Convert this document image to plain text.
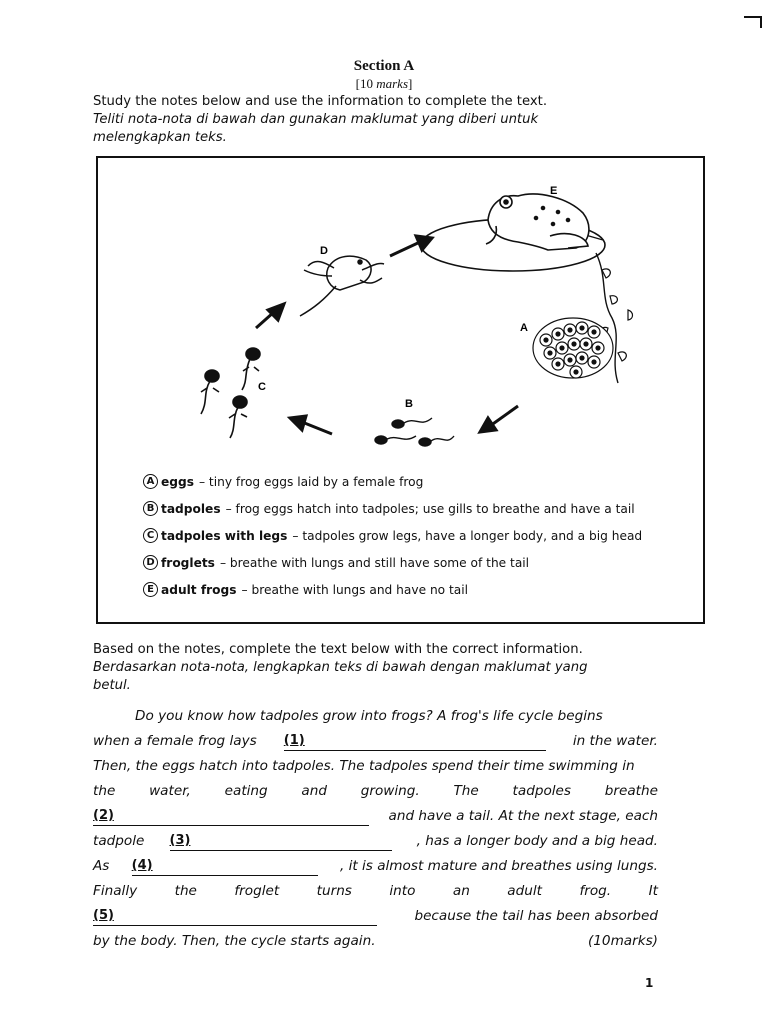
Section A
[10 marks]
Study the notes below and use the information to complete the text.
Teliti nota-nota di bawah dan gunakan maklumat yang diberi untuk
melengkapkan teks.
E
D
A
C
B
A eggs – tiny frog eggs laid by a female frog
B tadpoles – frog eggs hatch into tadpoles; use gills to breathe and have a tail
C tadpoles with legs – tadpoles grow legs, have a longer body, and a big head
D froglets – breathe with lungs and still have some of the tail
E adult frogs – breathe with lungs and have no tail
Based on the notes, complete the text below with the correct information.
Berdasarkan nota-nota, lengkapkan teks di bawah dengan maklumat yang
betul.
Do you know how tadpoles grow into frogs? A frog's life cycle begins
when a female frog lays (1)	in the water.
Then, the eggs hatch into tadpoles. The tadpoles spend their time swimming in
the water, eating and growing. The tadpoles breathe
(2)	and have a tail. At the next stage, each
tadpole (3)	, has a longer body and a big head.
As (4)	, it is almost mature and breathes using lungs.
Finally	the	froglet	turns	into	an	adult	frog.	It
(5)	because the tail has been absorbed
by the body. Then, the cycle starts again.	(10marks)
1
